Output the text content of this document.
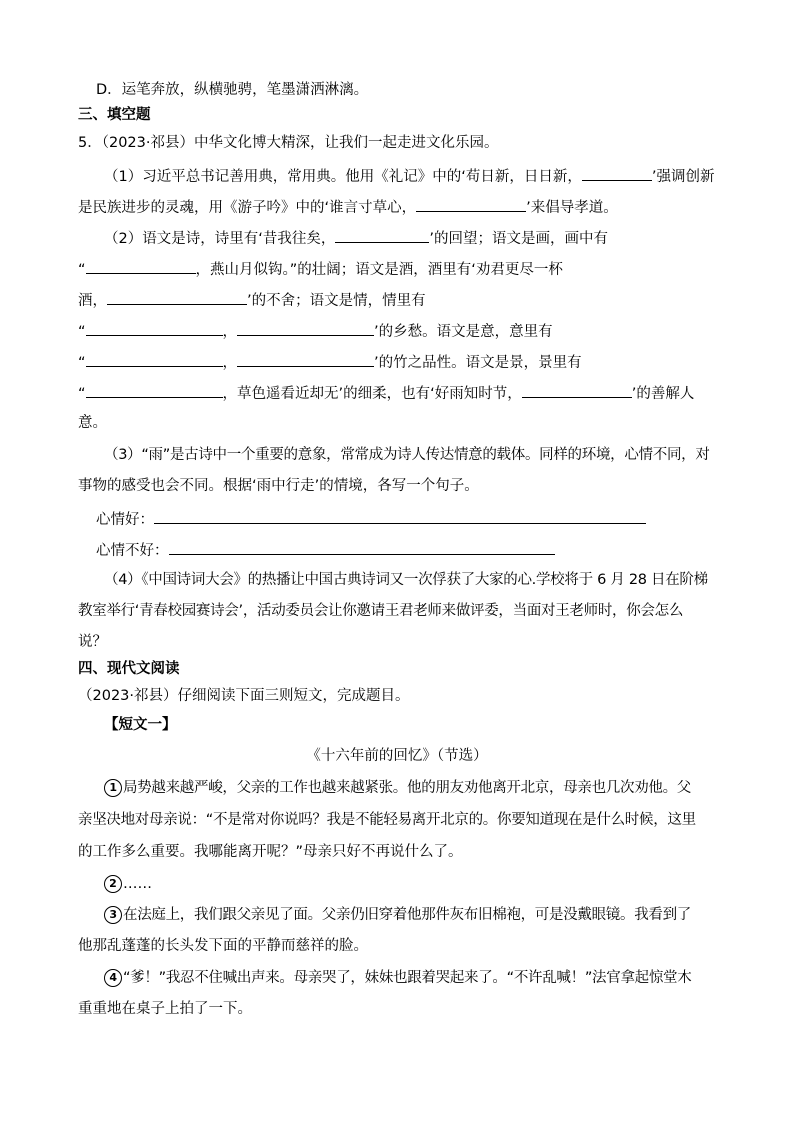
D．运笔奔放，纵横驰骋，笔墨潇洒淋漓。
三、填空题
5．（2023·祁县）中华文化博大精深，让我们一起走进文化乐园。
（1）习近平总书记善用典，常用典。他用《礼记》中的‘苟日新，日日新，	’强调创新
是民族进步的灵魂，用《游子吟》中的‘谁言寸草心，	’来倡导孝道。
（2）语文是诗，诗里有‘昔我往矣，	’的回望；语文是画，画中有
“	，燕山月似钩。”的壮阔；语文是酒，酒里有‘劝君更尽一杯
酒，	’的不舍；语文是情，情里有
“	，	’的乡愁。语文是意，意里有
“	，	’的竹之品性。语文是景，景里有
“	，草色遥看近却无’的细柔，也有‘好雨知时节，	’的善解人
意。
（3）“雨”是古诗中一个重要的意象，常常成为诗人传达情意的载体。同样的环境，心情不同，对
事物的感受也会不同。根据‘雨中行走’的情境，各写一个句子。
心情好：
心情不好：
（4）《中国诗词大会》的热播让中国古典诗词又一次俘获了大家的心.学校将于 6 月 28 日在阶梯
教室举行‘青春校园赛诗会’，活动委员会让你邀请王君老师来做评委，当面对王老师时，你会怎么
说？
四、现代文阅读
（2023·祁县）仔细阅读下面三则短文，完成题目。
【短文一】
《十六年前的回忆》（节选）
1 局势越来越严峻，父亲的工作也越来越紧张。他的朋友劝他离开北京，母亲也几次劝他。父
亲坚决地对母亲说：“不是常对你说吗？我是不能轻易离开北京的。你要知道现在是什么时候，这里
的工作多么重要。我哪能离开呢？”母亲只好不再说什么了。
2 ……
3 在法庭上，我们跟父亲见了面。父亲仍旧穿着他那件灰布旧棉袍，可是没戴眼镜。我看到了
他那乱蓬蓬的长头发下面的平静而慈祥的脸。
4 “爹！”我忍不住喊出声来。母亲哭了，妹妹也跟着哭起来了。“不许乱喊！”法官拿起惊堂木
重重地在桌子上拍了一下。
